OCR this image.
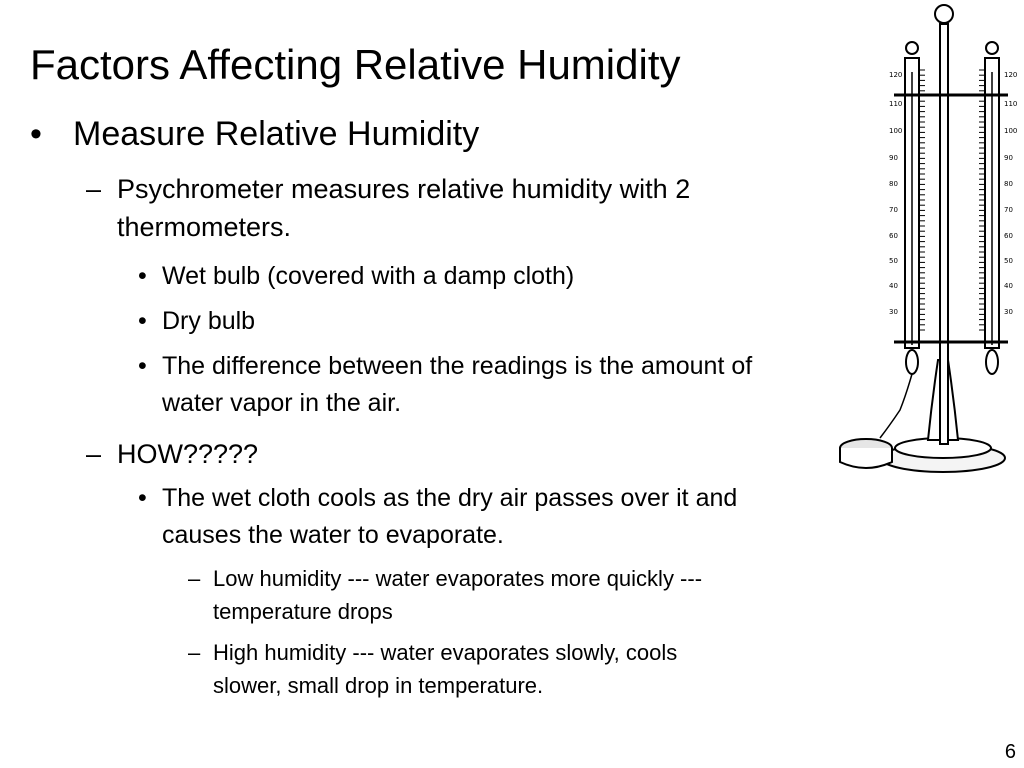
Factors Affecting Relative Humidity
• Measure Relative Humidity
– Psychrometer measures relative humidity with 2
thermometers.
• Wet bulb (covered with a damp cloth)
• Dry bulb
• The difference between the readings is the amount of
water vapor in the air.
– HOW?????
• The wet cloth cools as the dry air passes over it and
causes the water to evaporate.
– Low humidity --- water evaporates more quickly ---
temperature drops
– High humidity --- water evaporates slowly, cools
slower, small drop in temperature.
6
120
110
100
90
80
70
60
50
40
30
120
110
100
90
80
70
60
50
40
30
